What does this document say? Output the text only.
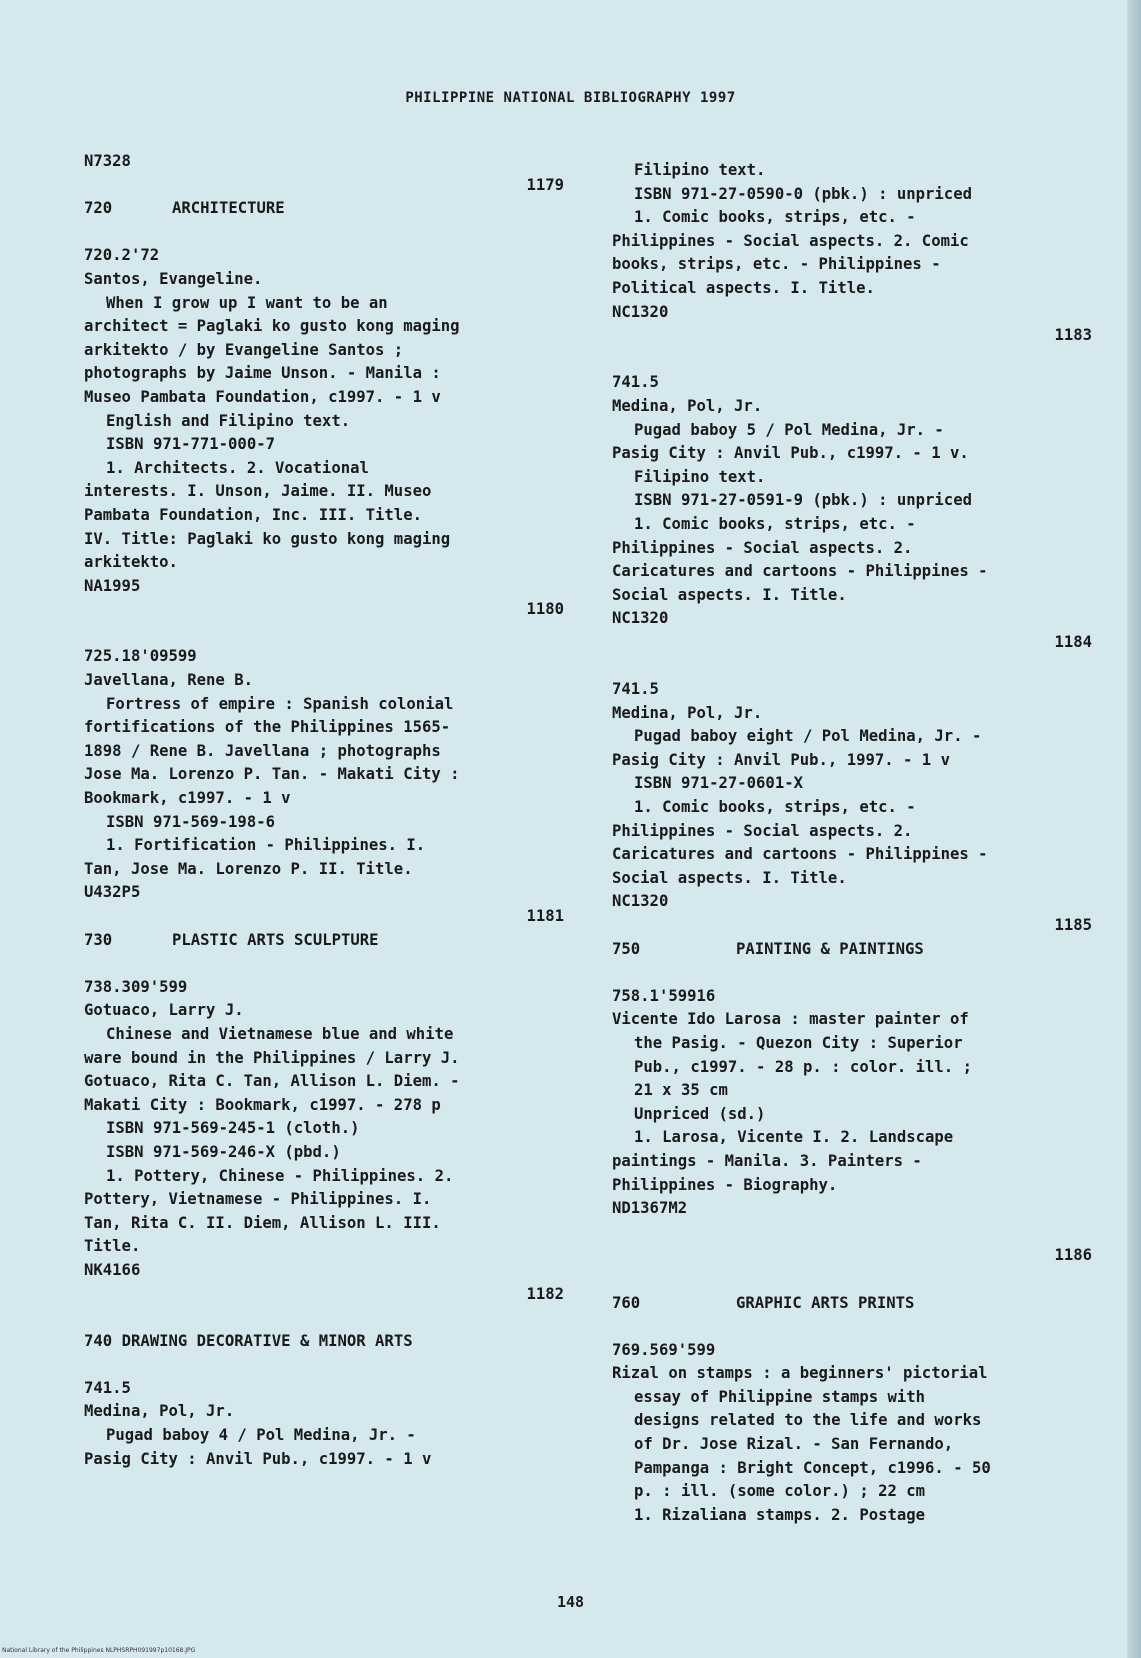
PHILIPPINE NATIONAL BIBLIOGRAPHY 1997

N7328

1179

720	ARCHITECTURE

720.2'72

Santos, Evangeline.

When I grow up I want to be an

architect = Paglaki ko gusto kong maging

arkitekto / by Evangeline Santos ;

photographs by Jaime Unson. - Manila :

Museo Pambata Foundation, c1997. - 1 v

English and Filipino text.

ISBN 971-771-000-7

1. Architects. 2. Vocational

interests. I. Unson, Jaime. II. Museo

Pambata Foundation, Inc. III. Title.

IV. Title: Paglaki ko gusto kong maging

arkitekto.

NA1995

1180

725.18'09599

Javellana, Rene B.

Fortress of empire : Spanish colonial

fortifications of the Philippines 1565-

1898 / Rene B. Javellana ; photographs

Jose Ma. Lorenzo P. Tan. - Makati City :

Bookmark, c1997. - 1 v

ISBN 971-569-198-6

1. Fortification - Philippines. I.

Tan, Jose Ma. Lorenzo P. II. Title.

U432P5

1181

730	PLASTIC ARTS SCULPTURE

738.309'599

Gotuaco, Larry J.

Chinese and Vietnamese blue and white

ware bound in the Philippines / Larry J.

Gotuaco, Rita C. Tan, Allison L. Diem. -

Makati City : Bookmark, c1997. - 278 p

ISBN 971-569-245-1 (cloth.)

ISBN 971-569-246-X (pbd.)

1. Pottery, Chinese - Philippines. 2.

Pottery, Vietnamese - Philippines. I.

Tan, Rita C. II. Diem, Allison L. III.

Title.

NK4166

1182

740 DRAWING DECORATIVE & MINOR ARTS

741.5

Medina, Pol, Jr.

Pugad baboy 4 / Pol Medina, Jr. -

Pasig City : Anvil Pub., c1997. - 1 v

Filipino text.

ISBN 971-27-0590-0 (pbk.) : unpriced

1. Comic books, strips, etc. -

Philippines - Social aspects. 2. Comic

books, strips, etc. - Philippines -

Political aspects. I. Title.

NC1320

1183

741.5

Medina, Pol, Jr.

Pugad baboy 5 / Pol Medina, Jr. -

Pasig City : Anvil Pub., c1997. - 1 v.

Filipino text.

ISBN 971-27-0591-9 (pbk.) : unpriced

1. Comic books, strips, etc. -

Philippines - Social aspects. 2.

Caricatures and cartoons - Philippines -

Social aspects. I. Title.

NC1320

1184

741.5

Medina, Pol, Jr.

Pugad baboy eight / Pol Medina, Jr. -

Pasig City : Anvil Pub., 1997. - 1 v

ISBN 971-27-0601-X

1. Comic books, strips, etc. -

Philippines - Social aspects. 2.

Caricatures and cartoons - Philippines -

Social aspects. I. Title.

NC1320

1185

750	PAINTING & PAINTINGS

758.1'59916

Vicente Ido Larosa : master painter of

the Pasig. - Quezon City : Superior

Pub., c1997. - 28 p. : color. ill. ;

21 x 35 cm

Unpriced (sd.)

1. Larosa, Vicente I. 2. Landscape

paintings - Manila. 3. Painters -

Philippines - Biography.

ND1367M2

1186

760	GRAPHIC ARTS PRINTS

769.569'599

Rizal on stamps : a beginners' pictorial

essay of Philippine stamps with

designs related to the life and works

of Dr. Jose Rizal. - San Fernando,

Pampanga : Bright Concept, c1996. - 50

p. : ill. (some color.) ; 22 cm

1. Rizaliana stamps. 2. Postage

148
National Library of the Philippines NLPHSRPH091997p10168.JPG
